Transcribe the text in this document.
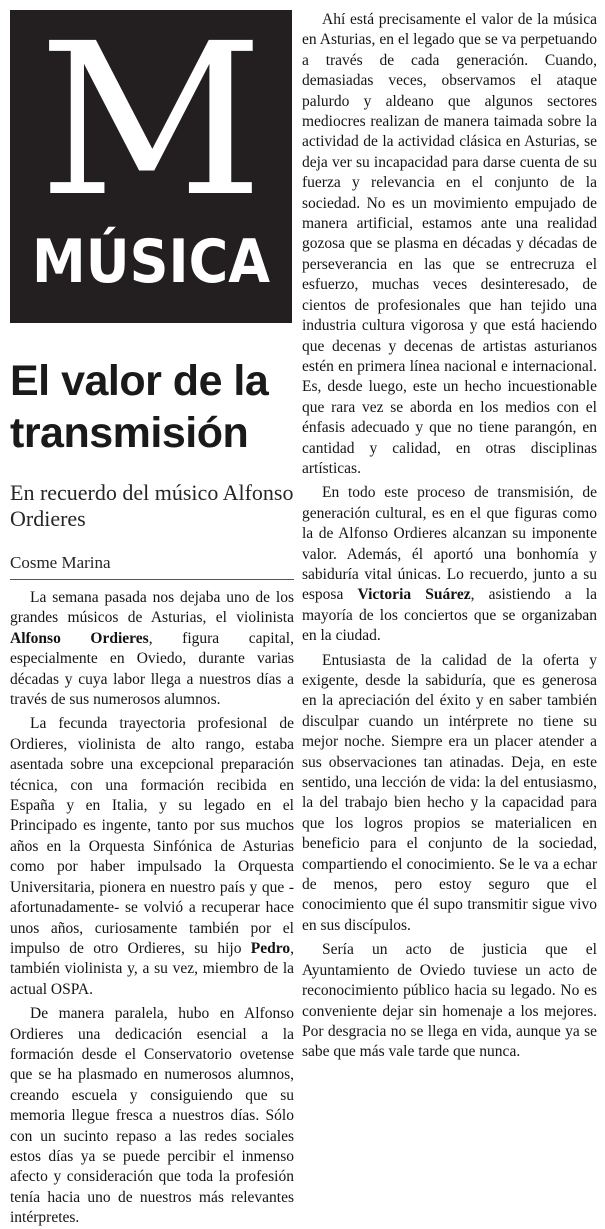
M
MÚSICA
El valor de la transmisión
En recuerdo del músico Alfonso Ordieres
Cosme Marina

La semana pasada nos dejaba uno de los grandes músicos de Asturias, el violinista Alfonso Ordieres, figura capital, especialmente en Oviedo, durante varias décadas y cuya labor llega a nuestros días a través de sus numerosos alumnos.

La fecunda trayectoria profesional de Ordieres, violinista de alto rango, estaba asentada sobre una excepcional preparación técnica, con una formación recibida en España y en Italia, y su legado en el Principado es ingente, tanto por sus muchos años en la Orquesta Sinfónica de Asturias como por haber impulsado la Orquesta Universitaria, pionera en nuestro país y que -afortunadamente- se volvió a recuperar hace unos años, curiosamente también por el impulso de otro Ordieres, su hijo Pedro, también violinista y, a su vez, miembro de la actual OSPA.

De manera paralela, hubo en Alfonso Ordieres una dedicación esencial a la formación desde el Conservatorio ovetense que se ha plasmado en numerosos alumnos, creando escuela y consiguiendo que su memoria llegue fresca a nuestros días. Sólo con un sucinto repaso a las redes sociales estos días ya se puede percibir el inmenso afecto y consideración que toda la profesión tenía hacia uno de nuestros más relevantes intérpretes.

Ahí está precisamente el valor de la música en Asturias, en el legado que se va perpetuando a través de cada generación. Cuando, demasiadas veces, observamos el ataque palurdo y aldeano que algunos sectores mediocres realizan de manera taimada sobre la actividad de la actividad clásica en Asturias, se deja ver su incapacidad para darse cuenta de su fuerza y relevancia en el conjunto de la sociedad. No es un movimiento empujado de manera artificial, estamos ante una realidad gozosa que se plasma en décadas y décadas de perseverancia en las que se entrecruza el esfuerzo, muchas veces desinteresado, de cientos de profesionales que han tejido una industria cultura vigorosa y que está haciendo que decenas y decenas de artistas asturianos estén en primera línea nacional e internacional. Es, desde luego, este un hecho incuestionable que rara vez se aborda en los medios con el énfasis adecuado y que no tiene parangón, en cantidad y calidad, en otras disciplinas artísticas.

En todo este proceso de transmisión, de generación cultural, es en el que figuras como la de Alfonso Ordieres alcanzan su imponente valor. Además, él aportó una bonhomía y sabiduría vital únicas. Lo recuerdo, junto a su esposa Victoria Suárez, asistiendo a la mayoría de los conciertos que se organizaban en la ciudad.

Entusiasta de la calidad de la oferta y exigente, desde la sabiduría, que es generosa en la apreciación del éxito y en saber también disculpar cuando un intérprete no tiene su mejor noche. Siempre era un placer atender a sus observaciones tan atinadas. Deja, en este sentido, una lección de vida: la del entusiasmo, la del trabajo bien hecho y la capacidad para que los logros propios se materialicen en beneficio para el conjunto de la sociedad, compartiendo el conocimiento. Se le va a echar de menos, pero estoy seguro que el conocimiento que él supo transmitir sigue vivo en sus discípulos.

Sería un acto de justicia que el Ayuntamiento de Oviedo tuviese un acto de reconocimiento público hacia su legado. No es conveniente dejar sin homenaje a los mejores. Por desgracia no se llega en vida, aunque ya se sabe que más vale tarde que nunca.
